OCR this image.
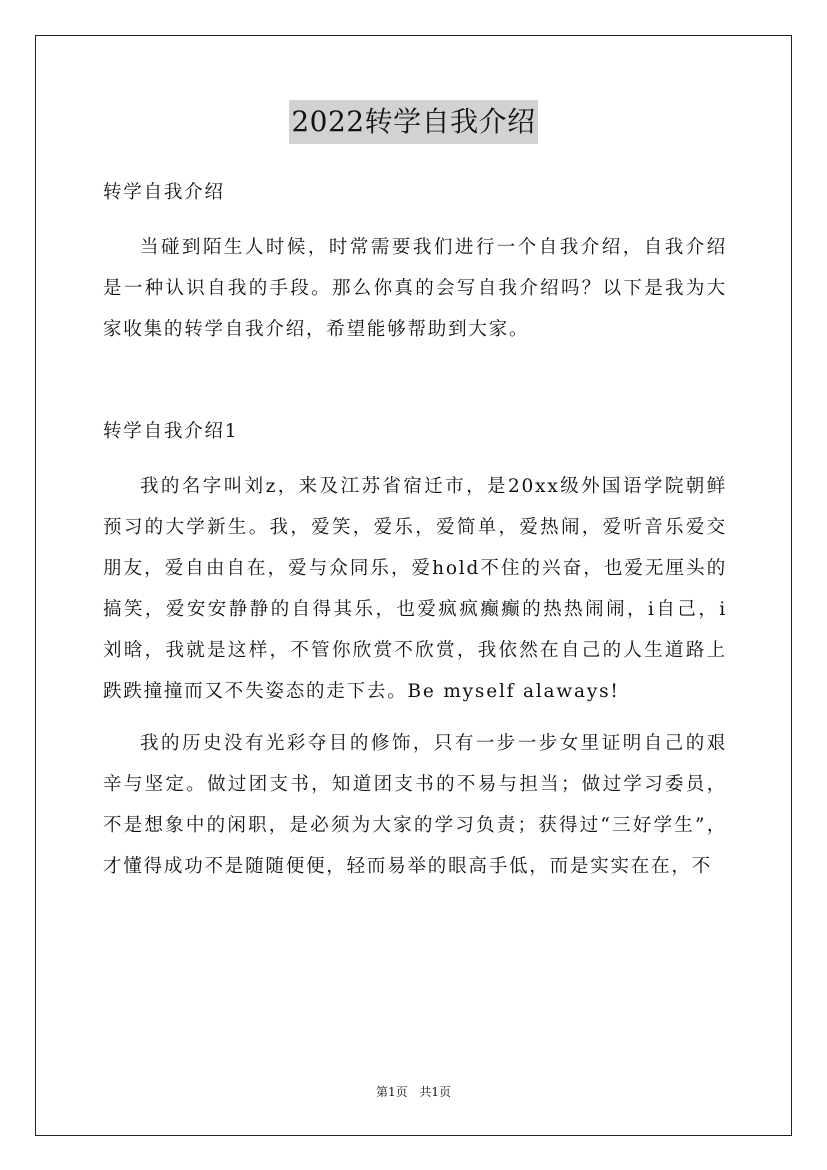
2022转学自我介绍

转学自我介绍

当碰到陌生人时候，时常需要我们进行一个自我介绍，自我介绍是一种认识自我的手段。那么你真的会写自我介绍吗？以下是我为大家收集的转学自我介绍，希望能够帮助到大家。

转学自我介绍1

我的名字叫刘z，来及江苏省宿迁市，是20xx级外国语学院朝鲜预习的大学新生。我，爱笑，爱乐，爱简单，爱热闹，爱听音乐爱交朋友，爱自由自在，爱与众同乐，爱hold不住的兴奋，也爱无厘头的搞笑，爱安安静静的自得其乐，也爱疯疯癫癫的热热闹闹，i自己，i刘晗，我就是这样，不管你欣赏不欣赏，我依然在自己的人生道路上跌跌撞撞而又不失姿态的走下去。Be myself alaways!

我的历史没有光彩夺目的修饰，只有一步一步女里证明自己的艰辛与坚定。做过团支书，知道团支书的不易与担当；做过学习委员，不是想象中的闲职，是必须为大家的学习负责；获得过“三好学生”，才懂得成功不是随随便便，轻而易举的眼高手低，而是实实在在，不

第1页 共1页
